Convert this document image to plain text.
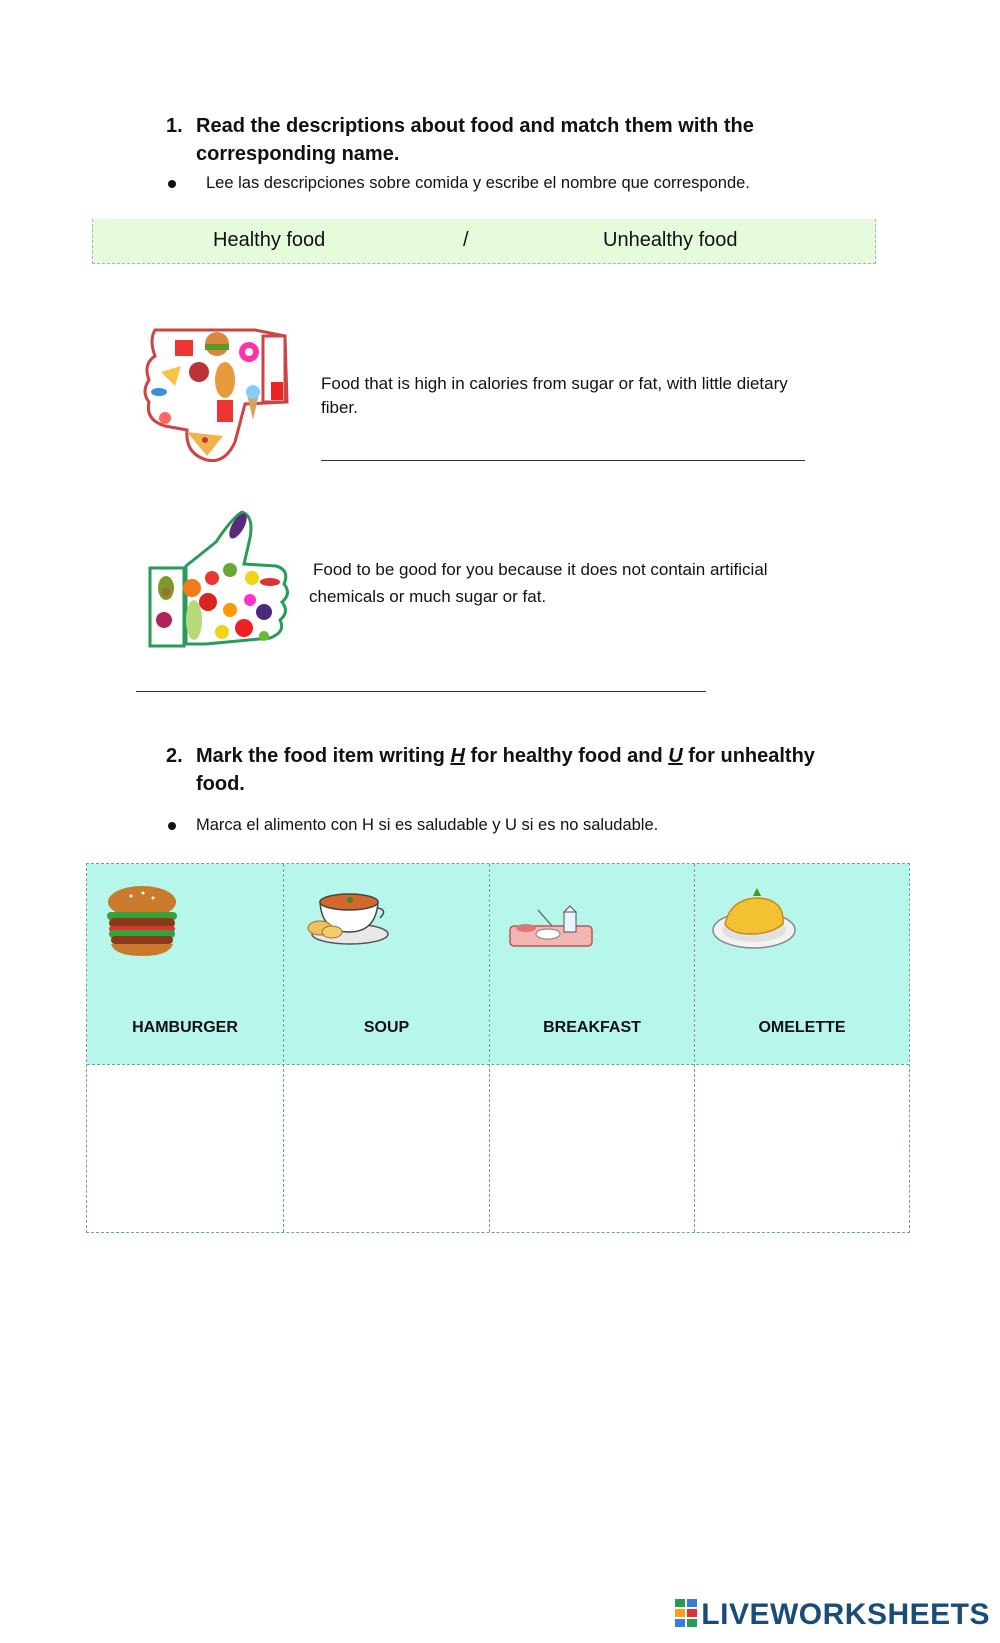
1. Read the descriptions about food and match them with the
corresponding name.
Lee las descripciones sobre comida y escribe el nombre que corresponde.
Healthy food	/	Unhealthy food
Food that is high in calories from sugar or fat, with little dietary
fiber.
Food to be good for you because it does not contain artificial
chemicals or much sugar or fat.
2. Mark the food item writing H for healthy food and U for unhealthy
food.
Marca el alimento con H si es saludable y U si es no saludable.
HAMBURGER	SOUP	BREAKFAST	OMELETTE
LIVEWORKSHEETS
